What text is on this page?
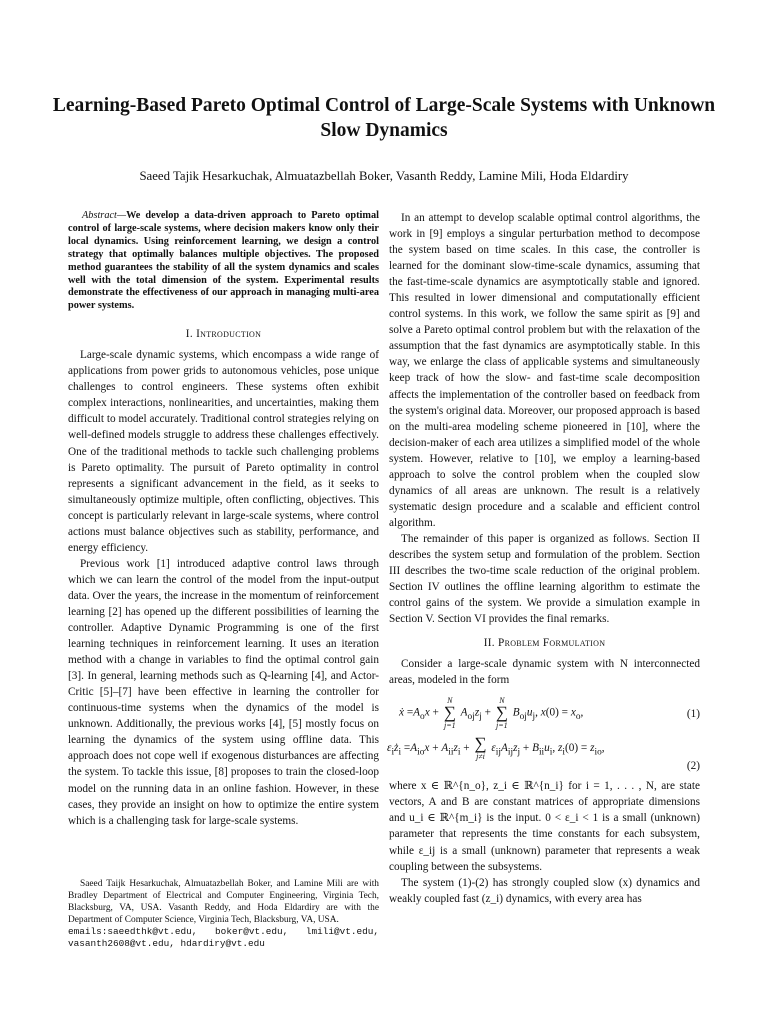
Learning-Based Pareto Optimal Control of Large-Scale Systems with Unknown Slow Dynamics

Saeed Tajik Hesarkuchak, Almuatazbellah Boker, Vasanth Reddy, Lamine Mili, Hoda Eldardiry

Abstract—We develop a data-driven approach to Pareto optimal control of large-scale systems, where decision makers know only their local dynamics. Using reinforcement learning, we design a control strategy that optimally balances multiple objectives. The proposed method guarantees the stability of all the system dynamics and scales well with the total dimension of the system. Experimental results demonstrate the effectiveness of our approach in managing multi-area power systems.

I. Introduction

Large-scale dynamic systems, which encompass a wide range of applications from power grids to autonomous vehicles, pose unique challenges to control engineers. These systems often exhibit complex interactions, nonlinearities, and uncertainties, making them difficult to model accurately. Traditional control strategies relying on well-defined models struggle to address these challenges effectively. One of the traditional methods to tackle such challenging problems is Pareto optimality. The pursuit of Pareto optimality in control represents a significant advancement in the field, as it seeks to simultaneously optimize multiple, often conflicting, objectives. This concept is particularly relevant in large-scale systems, where control actions must balance objectives such as stability, performance, and energy efficiency.

Previous work [1] introduced adaptive control laws through which we can learn the control of the model from the input-output data. Over the years, the increase in the momentum of reinforcement learning [2] has opened up the different possibilities of learning the controller. Adaptive Dynamic Programming is one of the first learning techniques in reinforcement learning. It uses an iteration method with a change in variables to find the optimal control gain [3]. In general, learning methods such as Q-learning [4], and Actor-Critic [5]–[7] have been effective in learning the controller for continuous-time systems when the dynamics of the model is unknown. Additionally, the previous works [4], [5] mostly focus on learning the dynamics of the system using offline data. This approach does not cope well if exogenous disturbances are affecting the system. To tackle this issue, [8] proposes to train the closed-loop model on the running data in an online fashion. However, in these cases, they provide an insight on how to optimize the entire system which is a challenging task for large-scale systems.

Saeed Taijk Hesarkuchak, Almuatazbellah Boker, and Lamine Mili are with Bradley Department of Electrical and Computer Engineering, Virginia Tech, Blacksburg, VA, USA. Vasanth Reddy, and Hoda Eldardiry are with the Department of Computer Science, Virginia Tech, Blacksburg, VA, USA.

emails:saeedthk@vt.edu, boker@vt.edu, lmili@vt.edu, vasanth2608@vt.edu, hdardiry@vt.edu

In an attempt to develop scalable optimal control algorithms, the work in [9] employs a singular perturbation method to decompose the system based on time scales. In this case, the controller is learned for the dominant slow-time-scale dynamics, assuming that the fast-time-scale dynamics are asymptotically stable and ignored. This resulted in lower dimensional and computationally efficient control systems. In this work, we follow the same spirit as [9] and solve a Pareto optimal control problem but with the relaxation of the assumption that the fast dynamics are asymptotically stable. In this way, we enlarge the class of applicable systems and simultaneously keep track of how the slow- and fast-time scale decomposition affects the implementation of the controller based on feedback from the system's original data. Moreover, our proposed approach is based on the multi-area modeling scheme pioneered in [10], where the decision-maker of each area utilizes a simplified model of the whole system. However, relative to [10], we employ a learning-based approach to solve the control problem when the coupled slow dynamics of all areas are unknown. The result is a relatively systematic design procedure and a scalable and efficient control algorithm.

The remainder of this paper is organized as follows. Section II describes the system setup and formulation of the problem. Section III describes the two-time scale reduction of the original problem. Section IV outlines the offline learning algorithm to estimate the control gains of the system. We provide a simulation example in Section V. Section VI provides the final remarks.

II. Problem Formulation

Consider a large-scale dynamic system with N interconnected areas, modeled in the form

ẋ $=A_ox$ +
N
∑
j=1
$A_{oj}z_j$ +
N
∑
j=1
$B_{oj}u_j$, $x(0) = x_o$,	(1)
$\varepsilon_iż_i =A_{io}x + A_{ii}z_i$ + ∑
j≠i
$\varepsilon_{ij}A_{ij}z_j + B_{ii}u_i$, $z_i(0) = z_{io}$,
(2)

where x ∈ ℝ^{n_o}, z_i ∈ ℝ^{n_i} for i = 1, . . . , N, are state vectors, A and B are constant matrices of appropriate dimensions and u_i ∈ ℝ^{m_i} is the input. 0 < ε_i < 1 is a small (unknown) parameter that represents the time constants for each subsystem, while ε_ij is a small (unknown) parameter that represents a weak coupling between the subsystems.

The system (1)-(2) has strongly coupled slow (x) dynamics and weakly coupled fast (z_i) dynamics, with every area has
